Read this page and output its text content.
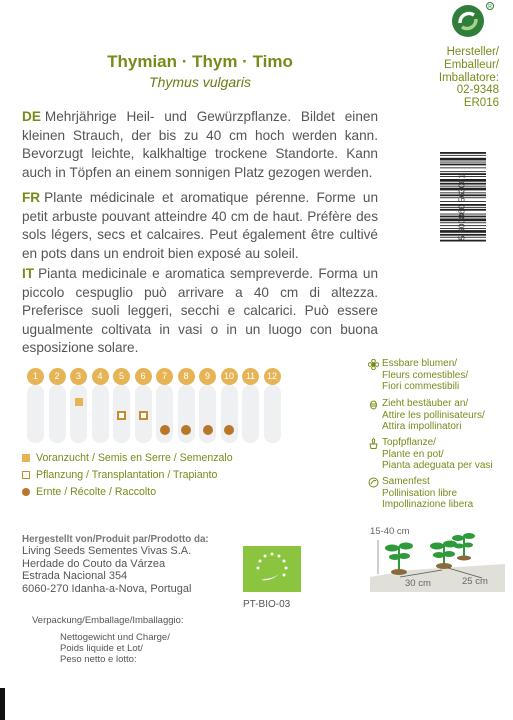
R
Thymian · Thym · Timo
Thymus vulgaris
Hersteller/
Emballeur/
Imballatore:
02-9348
ER016
5 600860 563001
DE Mehrjährige Heil- und Gewürzpflanze. Bildet einen kleinen Strauch, der bis zu 40 cm hoch werden kann. Bevorzugt leichte, kalkhaltige trockene Standorte. Kann auch in Töpfen an einem sonnigen Platz gezogen werden.
FR Plante médicinale et aromatique pérenne. Forme un petit arbuste pouvant atteindre 40 cm de haut. Préfère des sols légers, secs et calcaires. Peut également être cultivé en pots dans un endroit bien exposé au soleil.
IT Pianta medicinale e aromatica sempreverde. Forma un piccolo cespuglio può arrivare a 40 cm di altezza. Preferisce suoli leggeri, secchi e calcarici. Può essere ugualmente coltivata in vasi o in un luogo con buona esposizione solare.
1	2	3	4	5	6	7	8	9	10	11	12
Voranzucht / Semis en Serre / Semenzalo
Pflanzung / Transplantation / Trapianto
Ernte / Récolte / Raccolto
Essbare blumen/
Fleurs comestibles/
Fiori commestibili
Zieht bestäuber an/
Attire les pollinisateurs/
Attira impollinatori
Topfpflanze/
Plante en pot/
Pianta adeguata per vasi
Samenfest
Pollinisation libre
Impollinazione libera
Hergestellt von/Produit par/Prodotto da:
Living Seeds Sementes Vivas S.A.
Herdade do Couto da Várzea
Estrada Nacional 354
6060-270 Idanha-a-Nova, Portugal
PT-BIO-03
Verpackung/Emballage/Imballaggio:
Nettogewicht und Charge/
Poids liquide et Lot/
Peso netto e lotto:
15-40 cm
30 cm	25 cm
